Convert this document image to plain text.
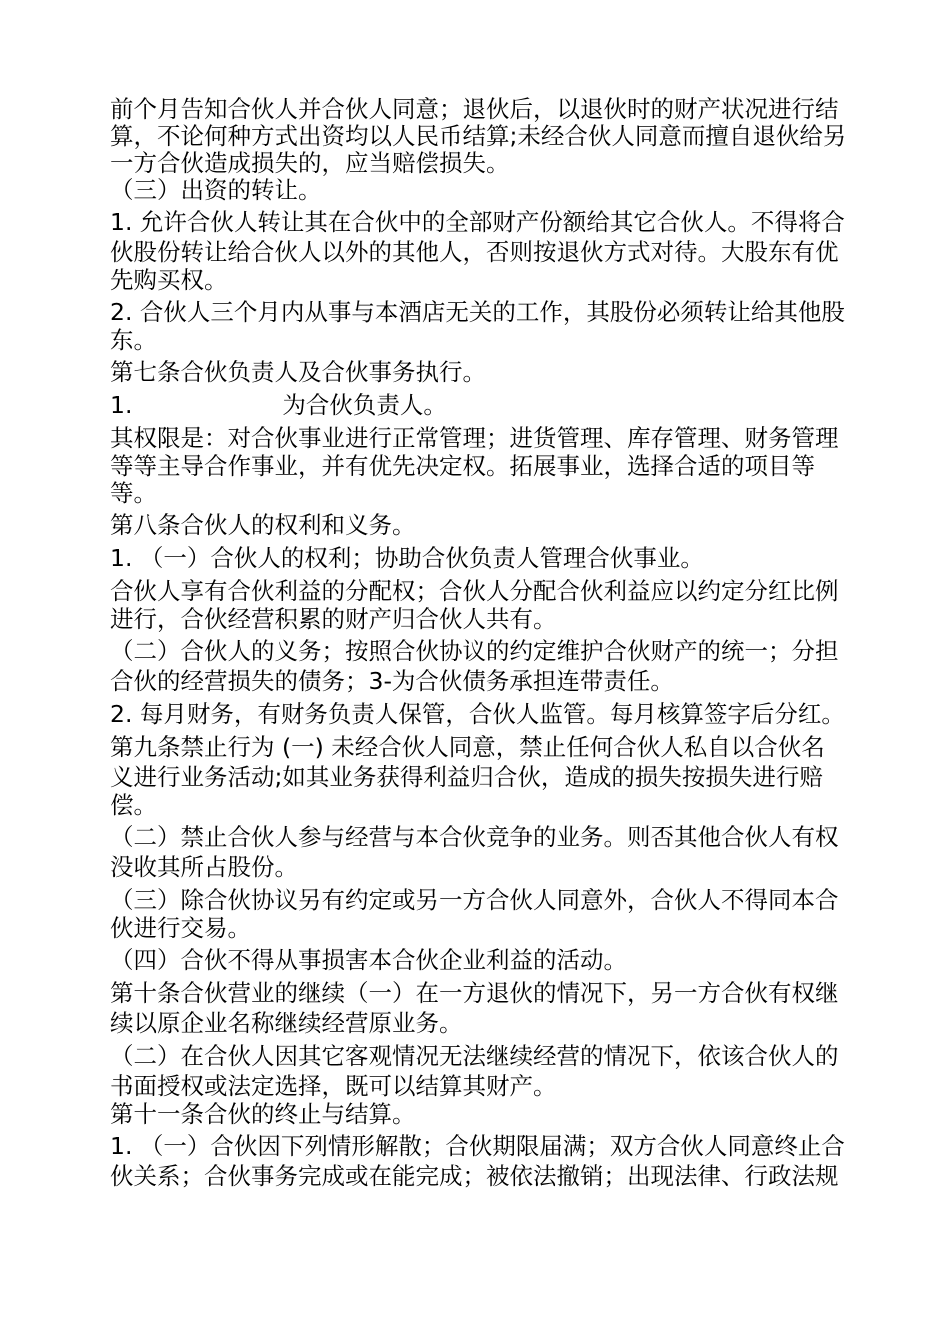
前个月告知合伙人并合伙人同意；退伙后，以退伙时的财产状况进行结
算，不论何种方式出资均以人民币结算;未经合伙人同意而擅自退伙给另
一方合伙造成损失的，应当赔偿损失。
（三）出资的转让。
1. 允许合伙人转让其在合伙中的全部财产份额给其它合伙人。不得将合
伙股份转让给合伙人以外的其他人，否则按退伙方式对待。大股东有优
先购买权。
2. 合伙人三个月内从事与本酒店无关的工作，其股份必须转让给其他股
东。
第七条合伙负责人及合伙事务执行。
1.	为合伙负责人。
其权限是：对合伙事业进行正常管理；进货管理、库存管理、财务管理
等等主导合作事业，并有优先决定权。拓展事业，选择合适的项目等
等。
第八条合伙人的权利和义务。
1. （一）合伙人的权利；协助合伙负责人管理合伙事业。
合伙人享有合伙利益的分配权；合伙人分配合伙利益应以约定分红比例
进行，合伙经营积累的财产归合伙人共有。
（二）合伙人的义务；按照合伙协议的约定维护合伙财产的统一；分担
合伙的经营损失的债务；3-为合伙债务承担连带责任。
2. 每月财务，有财务负责人保管，合伙人监管。每月核算签字后分红。
第九条禁止行为 (一) 未经合伙人同意，禁止任何合伙人私自以合伙名
义进行业务活动;如其业务获得利益归合伙，造成的损失按损失进行赔
偿。
（二）禁止合伙人参与经营与本合伙竞争的业务。则否其他合伙人有权
没收其所占股份。
（三）除合伙协议另有约定或另一方合伙人同意外，合伙人不得同本合
伙进行交易。
（四）合伙不得从事损害本合伙企业利益的活动。
第十条合伙营业的继续（一）在一方退伙的情况下，另一方合伙有权继
续以原企业名称继续经营原业务。
（二）在合伙人因其它客观情况无法继续经营的情况下，依该合伙人的
书面授权或法定选择，既可以结算其财产。
第十一条合伙的终止与结算。
1. （一）合伙因下列情形解散；合伙期限届满；双方合伙人同意终止合
伙关系；合伙事务完成或在能完成；被依法撤销；出现法律、行政法规
